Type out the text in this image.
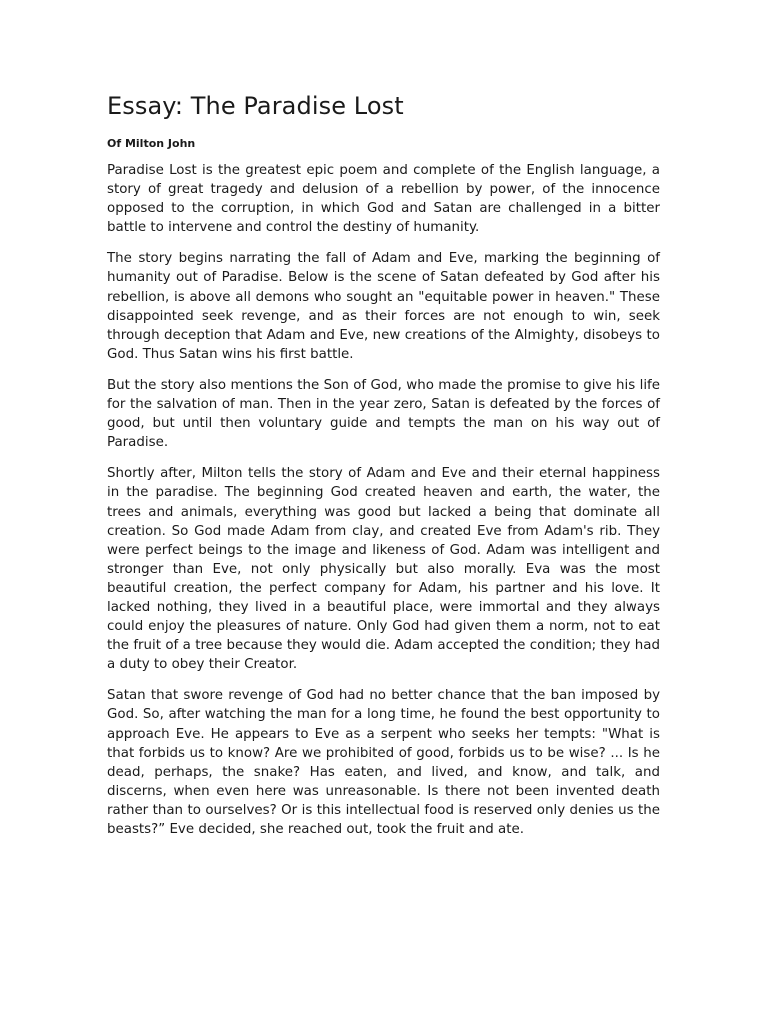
Essay: The Paradise Lost
Of Milton John

Paradise Lost is the greatest epic poem and complete of the English language, a story of great tragedy and delusion of a rebellion by power, of the innocence opposed to the corruption, in which God and Satan are challenged in a bitter battle to intervene and control the destiny of humanity.

The story begins narrating the fall of Adam and Eve, marking the beginning of humanity out of Paradise. Below is the scene of Satan defeated by God after his rebellion, is above all demons who sought an "equitable power in heaven." These disappointed seek revenge, and as their forces are not enough to win, seek through deception that Adam and Eve, new creations of the Almighty, disobeys to God. Thus Satan wins his first battle.

But the story also mentions the Son of God, who made the promise to give his life for the salvation of man. Then in the year zero, Satan is defeated by the forces of good, but until then voluntary guide and tempts the man on his way out of Paradise.

Shortly after, Milton tells the story of Adam and Eve and their eternal happiness in the paradise. The beginning God created heaven and earth, the water, the trees and animals, everything was good but lacked a being that dominate all creation. So God made Adam from clay, and created Eve from Adam's rib. They were perfect beings to the image and likeness of God. Adam was intelligent and stronger than Eve, not only physically but also morally. Eva was the most beautiful creation, the perfect company for Adam, his partner and his love. It lacked nothing, they lived in a beautiful place, were immortal and they always could enjoy the pleasures of nature. Only God had given them a norm, not to eat the fruit of a tree because they would die. Adam accepted the condition; they had a duty to obey their Creator.

Satan that swore revenge of God had no better chance that the ban imposed by God. So, after watching the man for a long time, he found the best opportunity to approach Eve. He appears to Eve as a serpent who seeks her tempts: "What is that forbids us to know? Are we prohibited of good, forbids us to be wise? ... Is he dead, perhaps, the snake? Has eaten, and lived, and know, and talk, and discerns, when even here was unreasonable. Is there not been invented death rather than to ourselves? Or is this intellectual food is reserved only denies us the beasts?” Eve decided, she reached out, took the fruit and ate.
